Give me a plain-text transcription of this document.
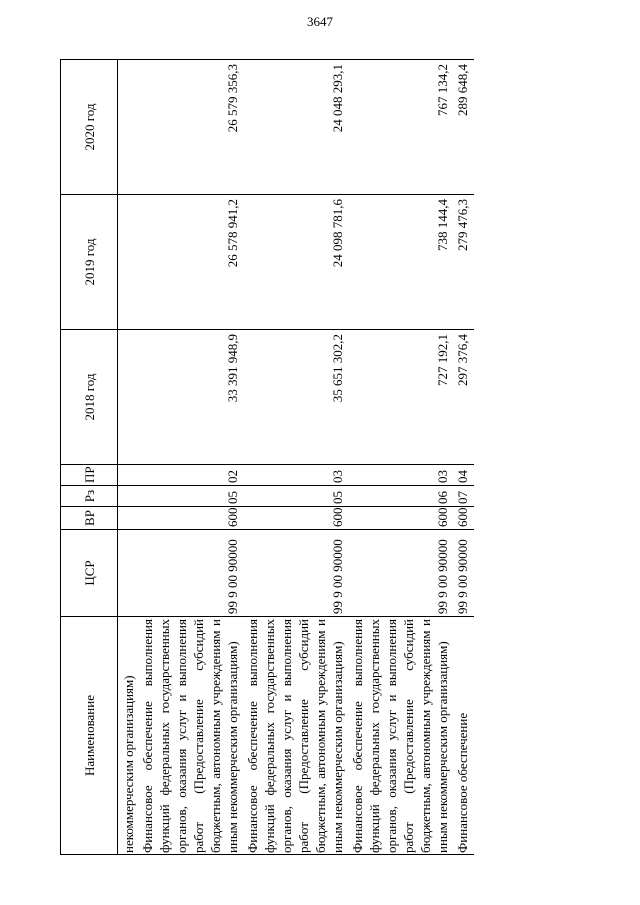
3647
Наименование	ЦСР	ВР	Рз	ПР	2018 год	2019 год	2020 год
некоммерческим организациям)							
Финансовое обеспечение выполнения функций федеральных государственных органов, оказания услуг и выполнения работ (Предоставление субсидий бюджетным, автономным учреждениям и иным некоммерческим организациям)	99 9 00 90000	600	05	02	33 391 948,9	26 578 941,2	26 579 356,3
Финансовое обеспечение выполнения функций федеральных государственных органов, оказания услуг и выполнения работ (Предоставление субсидий бюджетным, автономным учреждениям и иным некоммерческим организациям)	99 9 00 90000	600	05	03	35 651 302,2	24 098 781,6	24 048 293,1
Финансовое обеспечение выполнения функций федеральных государственных органов, оказания услуг и выполнения работ (Предоставление субсидий бюджетным, автономным учреждениям и иным некоммерческим организациям)	99 9 00 90000	600	06	03	727 192,1	738 144,4	767 134,2
Финансовое обеспечение	99 9 00 90000	600	07	04	297 376,4	279 476,3	289 648,4
